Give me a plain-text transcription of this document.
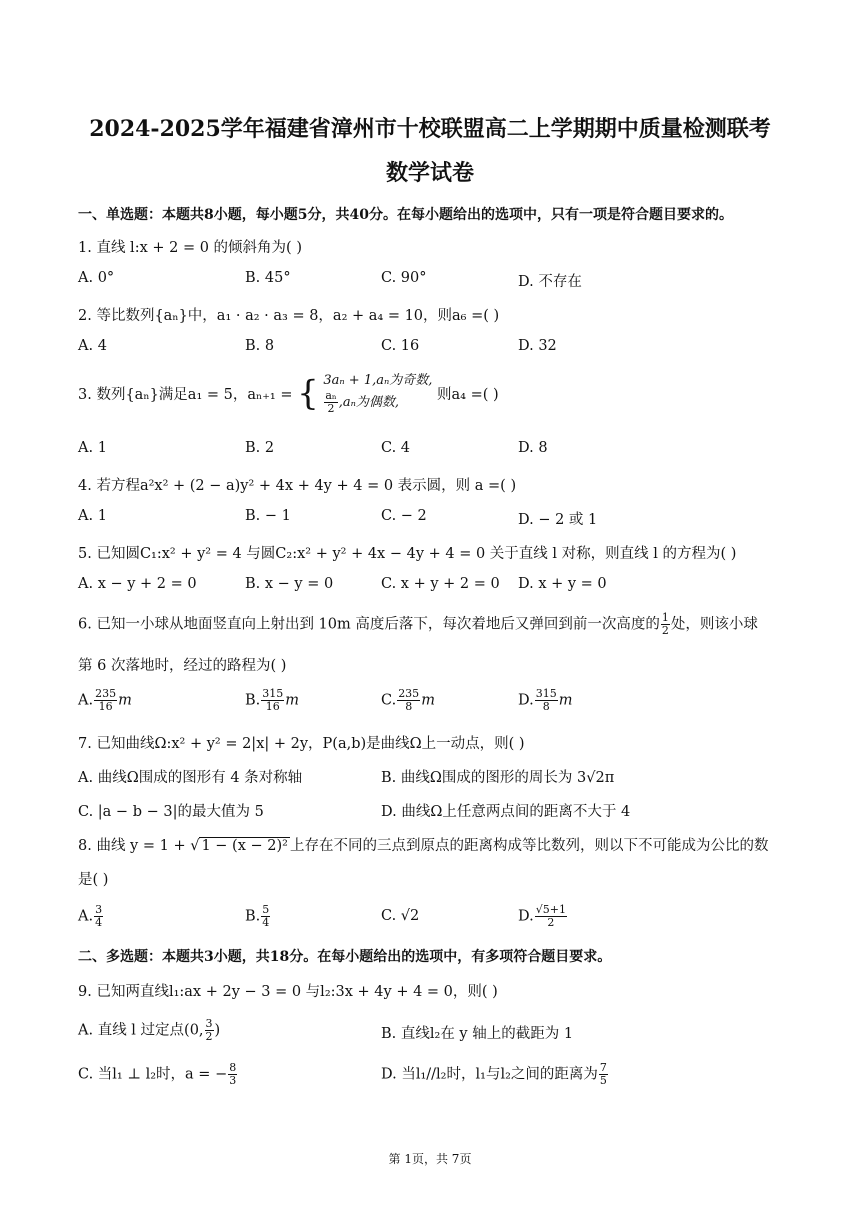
2024-2025学年福建省漳州市十校联盟高二上学期期中质量检测联考
数学试卷
一、单选题：本题共8小题，每小题5分，共40分。在每小题给出的选项中，只有一项是符合题目要求的。
1. 直线 l:x + 2 = 0 的倾斜角为( )
A. 0°	B. 45°	C. 90°	D. 不存在
2. 等比数列{aₙ}中，a₁ · a₂ · a₃ = 8，a₂ + a₄ = 10，则a₆ =( )
A. 4	B. 8	C. 16	D. 32
3. 数列{aₙ}满足a₁ = 5，aₙ₊₁ = { 3aₙ + 1,aₙ为奇数,

$\frac{\text{aₙ}}{2} ,a_n$为偶数,	则a₄ =( )
A. 1	B. 2	C. 4	D. 8
4. 若方程a²x² + (2 − a)y² + 4x + 4y + 4 = 0 表示圆，则 a =( )
A. 1	B. − 1	C. − 2	D. − 2 或 1
5. 已知圆C₁:x² + y² = 4 与圆C₂:x² + y² + 4x − 4y + 4 = 0 关于直线 l 对称，则直线 l 的方程为( )
A. x − y + 2 = 0	B. x − y = 0	C. x + y + 2 = 0 D. x + y = 0
6. 已知一小球从地面竖直向上射出到 10m 高度后落下，每次着地后又弹回到前一次高度的 $\frac{1}{2}$ 处，则该小球
第 6 次落地时，经过的路程为( )
A. $\frac{235}{16}$ m	B. $\frac{315}{16}$ m	C. $\frac{235}{8}$ m	D. $\frac{315}{8}$ m
7. 已知曲线Ω:x² + y² = 2|x| + 2y，P(a,b)是曲线Ω上一动点，则( )
A. 曲线Ω围成的图形有 4 条对称轴	B. 曲线Ω围成的图形的周长为 3√2π
C. |a − b − 3|的最大值为 5	D. 曲线Ω上任意两点间的距离不大于 4
8. 曲线 y = 1 + √ 1 − (x − 2)² 上存在不同的三点到原点的距离构成等比数列，则以下不可能成为公比的数
是( )
A. $\frac{3}{4}$	B. $\frac{5}{4}$	C. √2	D. $\frac{√5+1}{2}$
二、多选题：本题共3小题，共18分。在每小题给出的选项中，有多项符合题目要求。
9. 已知两直线l₁:ax + 2y − 3 = 0 与l₂:3x + 4y + 4 = 0，则( )
A. 直线 l 过定点(0, $\frac{3}{2}$ )	B. 直线l₂在 y 轴上的截距为 1
C. 当l₁ ⊥ l₂时，a = − $\frac{8}{3}$	D. 当l₁//l₂时，l₁与l₂之间的距离为 $\frac{7}{5}$
第 1页，共 7页
